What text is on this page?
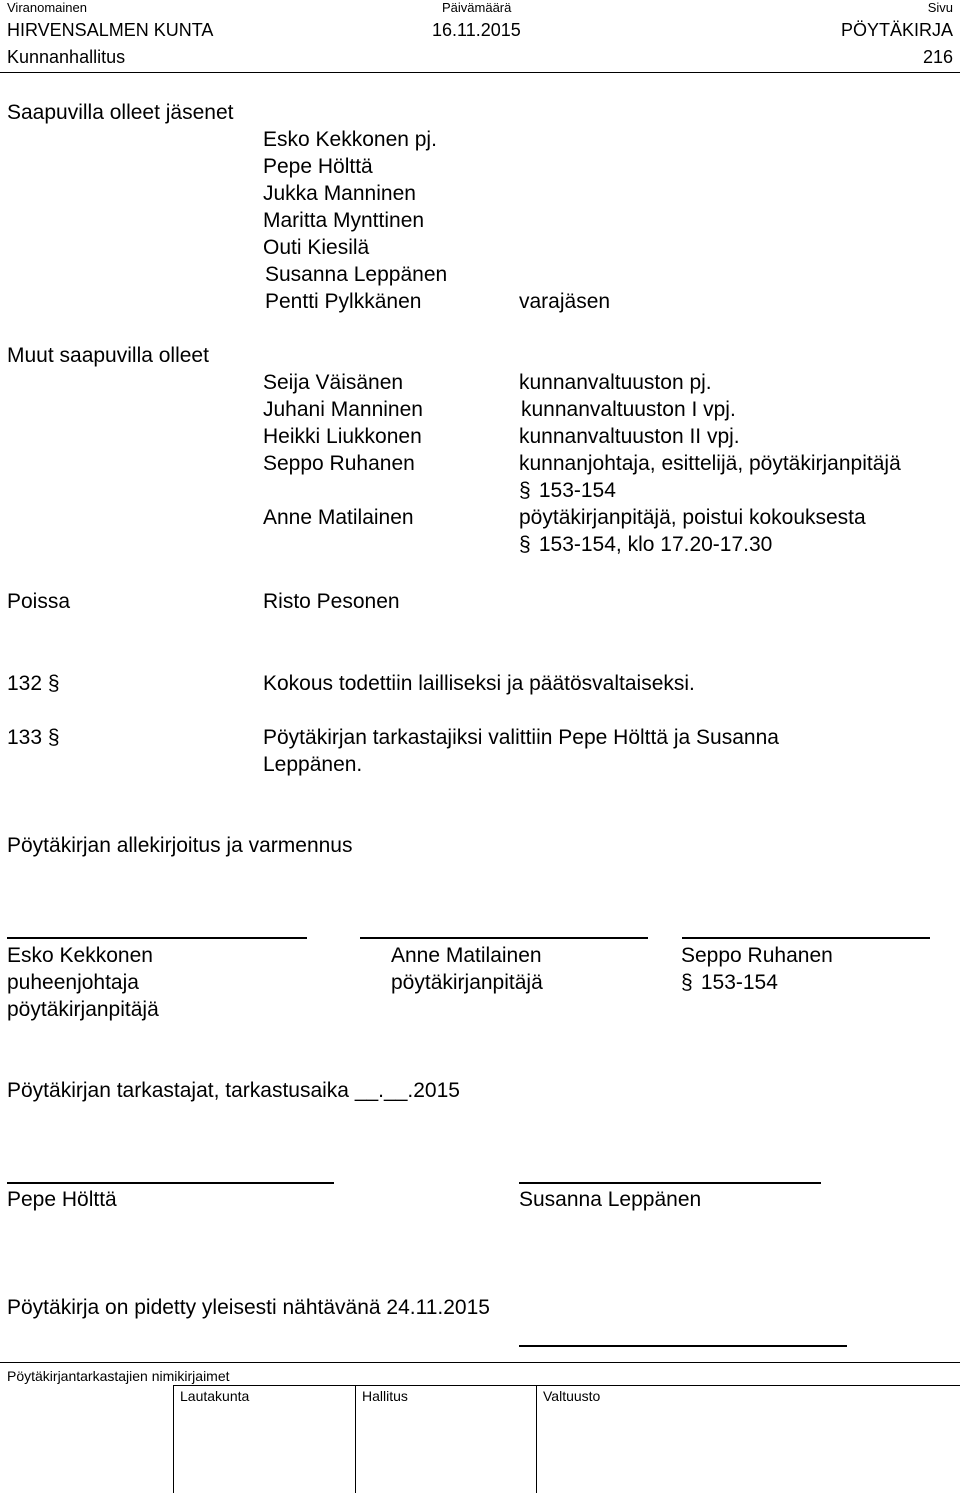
Viranomainen	Päivämäärä	Sivu
HIRVENSALMEN KUNTA	16.11.2015	PÖYTÄKIRJA
Kunnanhallitus	216
Saapuvilla olleet jäsenet
Esko Kekkonen pj.
Pepe Hölttä
Jukka Manninen
Maritta Mynttinen
Outi Kiesilä
Susanna Leppänen
Pentti Pylkkänen	varajäsen
Muut saapuvilla olleet
Seija Väisänen	kunnanvaltuuston pj.
Juhani Manninen	kunnanvaltuuston I vpj.
Heikki Liukkonen	kunnanvaltuuston II vpj.
Seppo Ruhanen	kunnanjohtaja, esittelijä, pöytäkirjanpitäjä
§ 153-154
Anne Matilainen	pöytäkirjanpitäjä, poistui kokouksesta
§ 153-154, klo 17.20-17.30
Poissa	Risto Pesonen
132 §	Kokous todettiin lailliseksi ja päätösvaltaiseksi.
133 §	Pöytäkirjan tarkastajiksi valittiin Pepe Hölttä ja Susanna
Leppänen.
Pöytäkirjan allekirjoitus ja varmennus
Esko Kekkonen	Anne Matilainen	Seppo Ruhanen
puheenjohtaja	pöytäkirjanpitäjä	§ 153-154
pöytäkirjanpitäjä
Pöytäkirjan tarkastajat, tarkastusaika __.__.2015
Pepe Hölttä	Susanna Leppänen
Pöytäkirja on pidetty yleisesti nähtävänä 24.11.2015
Pöytäkirjantarkastajien nimikirjaimet
Lautakunta	Hallitus	Valtuusto
